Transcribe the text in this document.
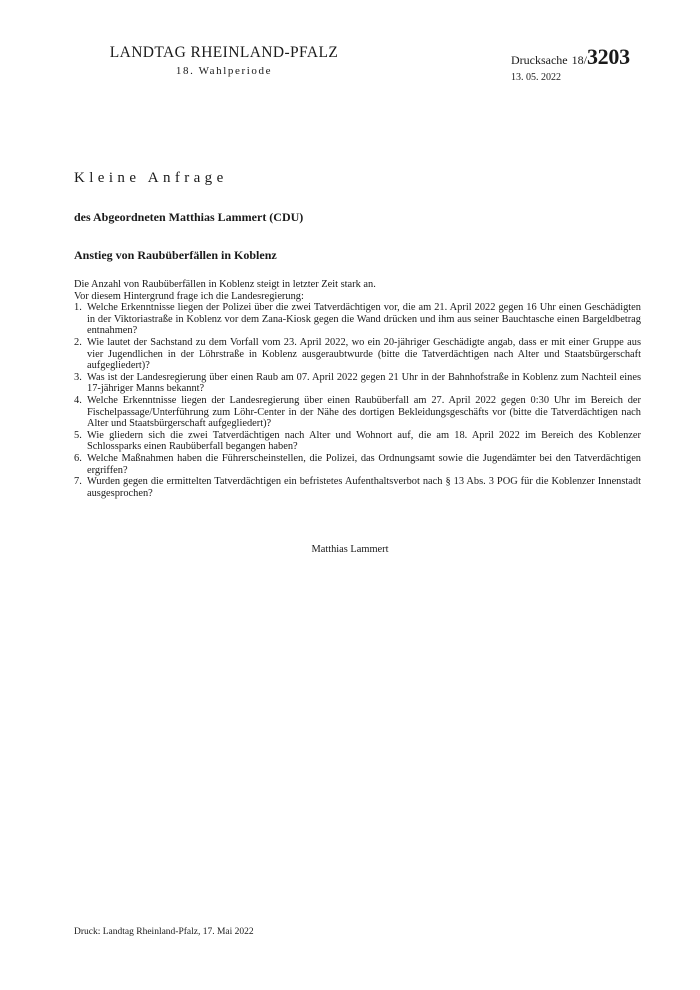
LANDTAG RHEINLAND-PFALZ
18. Wahlperiode
Drucksache 18/3203
13. 05. 2022
Kleine Anfrage
des Abgeordneten Matthias Lammert (CDU)
Anstieg von Raubüberfällen in Koblenz

Die Anzahl von Raubüberfällen in Koblenz steigt in letzter Zeit stark an.

Vor diesem Hintergrund frage ich die Landesregierung:

1. Welche Erkenntnisse liegen der Polizei über die zwei Tatverdächtigen vor, die am 21. April 2022 gegen 16 Uhr einen Geschädigten in der Viktoriastraße in Koblenz vor dem Zana-Kiosk gegen die Wand drücken und ihm aus seiner Bauchtasche einen Bargeldbetrag entnahmen?
2. Wie lautet der Sachstand zu dem Vorfall vom 23. April 2022, wo ein 20-jähriger Geschädigte angab, dass er mit einer Gruppe aus vier Jugendlichen in der Löhrstraße in Koblenz ausgeraubtwurde (bitte die Tatverdächtigen nach Alter und Staatsbürgerschaft aufgegliedert)?
3. Was ist der Landesregierung über einen Raub am 07. April 2022 gegen 21 Uhr in der Bahnhofstraße in Koblenz zum Nachteil eines 17-jähriger Manns bekannt?
4. Welche Erkenntnisse liegen der Landesregierung über einen Raubüberfall am 27. April 2022 gegen 0:30 Uhr im Bereich der Fischelpassage/Unterführung zum Löhr-Center in der Nähe des dortigen Bekleidungsgeschäfts vor (bitte die Tatverdächtigen nach Alter und Staatsbürgerschaft aufgegliedert)?
5. Wie gliedern sich die zwei Tatverdächtigen nach Alter und Wohnort auf, die am 18. April 2022 im Bereich des Koblenzer Schlossparks einen Raubüberfall begangen haben?
6. Welche Maßnahmen haben die Führerscheinstellen, die Polizei, das Ordnungsamt sowie die Jugendämter bei den Tatverdächtigen ergriffen?
7. Wurden gegen die ermittelten Tatverdächtigen ein befristetes Aufenthaltsverbot nach § 13 Abs. 3 POG für die Koblenzer Innenstadt ausgesprochen?
Matthias Lammert
Druck: Landtag Rheinland-Pfalz, 17. Mai 2022
